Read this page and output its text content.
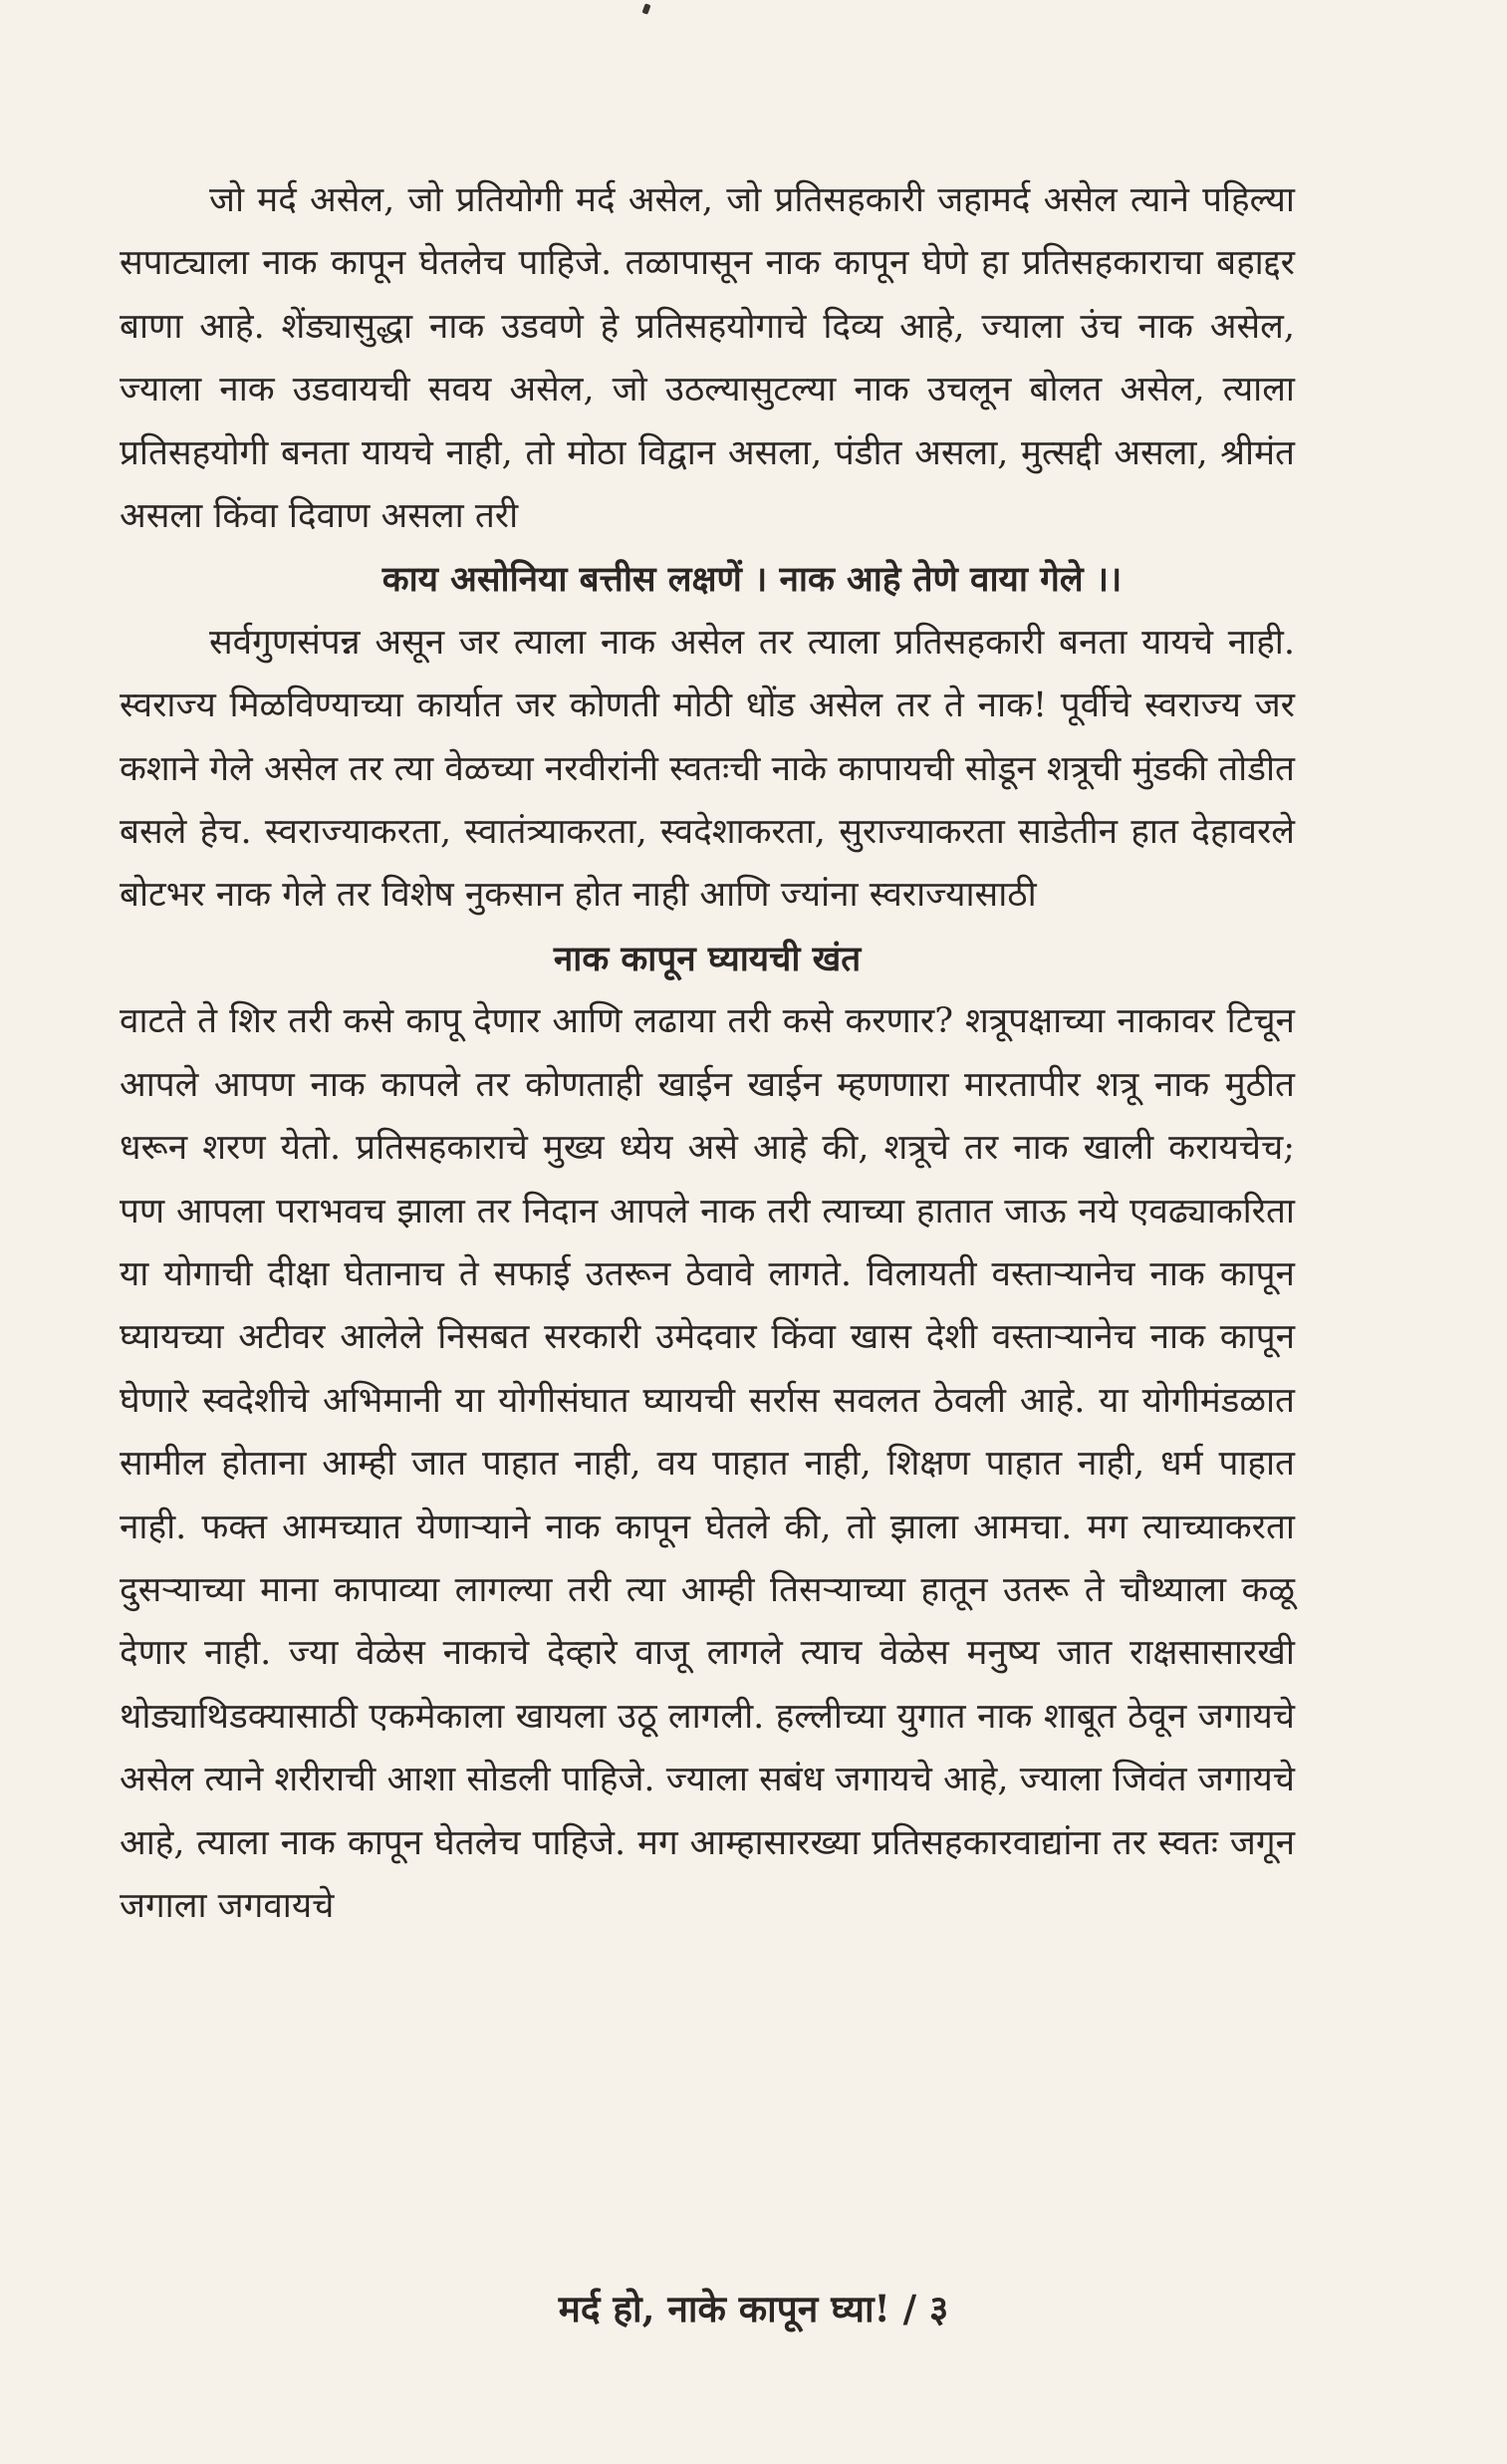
जो मर्द असेल, जो प्रतियोगी मर्द असेल, जो प्रतिसहकारी जहामर्द असेल त्याने पहिल्या सपाट्याला नाक कापून घेतलेच पाहिजे. तळापासून नाक कापून घेणे हा प्रतिसहकाराचा बहाद्दर बाणा आहे. शेंड्यासुद्धा नाक उडवणे हे प्रतिसहयोगाचे दिव्य आहे, ज्याला उंच नाक असेल, ज्याला नाक उडवायची सवय असेल, जो उठल्यासुटल्या नाक उचलून बोलत असेल, त्याला प्रतिसहयोगी बनता यायचे नाही, तो मोठा विद्वान असला, पंडीत असला, मुत्सद्दी असला, श्रीमंत असला किंवा दिवाण असला तरी

काय असोनिया बत्तीस लक्षणें । नाक आहे तेणे वाया गेले ।।

सर्वगुणसंपन्न असून जर त्याला नाक असेल तर त्याला प्रतिसहकारी बनता यायचे नाही. स्वराज्य मिळविण्याच्या कार्यात जर कोणती मोठी धोंड असेल तर ते नाक! पूर्वीचे स्वराज्य जर कशाने गेले असेल तर त्या वेळच्या नरवीरांनी स्वतःची नाके कापायची सोडून शत्रूची मुंडकी तोडीत बसले हेच. स्वराज्याकरता, स्वातंत्र्याकरता, स्वदेशाकरता, सुराज्याकरता साडेतीन हात देहावरले बोटभर नाक गेले तर विशेष नुकसान होत नाही आणि ज्यांना स्वराज्यासाठी

नाक कापून घ्यायची खंत

वाटते ते शिर तरी कसे कापू देणार आणि लढाया तरी कसे करणार? शत्रूपक्षाच्या नाकावर टिचून आपले आपण नाक कापले तर कोणताही खाईन खाईन म्हणणारा मारतापीर शत्रू नाक मुठीत धरून शरण येतो. प्रतिसहकाराचे मुख्य ध्येय असे आहे की, शत्रूचे तर नाक खाली करायचेच; पण आपला पराभवच झाला तर निदान आपले नाक तरी त्याच्या हातात जाऊ नये एवढ्याकरिता या योगाची दीक्षा घेतानाच ते सफाई उतरून ठेवावे लागते. विलायती वस्ताऱ्यानेच नाक कापून घ्यायच्या अटीवर आलेले निसबत सरकारी उमेदवार किंवा खास देशी वस्ताऱ्यानेच नाक कापून घेणारे स्वदेशीचे अभिमानी या योगीसंघात घ्यायची सर्रास सवलत ठेवली आहे. या योगीमंडळात सामील होताना आम्ही जात पाहात नाही, वय पाहात नाही, शिक्षण पाहात नाही, धर्म पाहात नाही. फक्त आमच्यात येणाऱ्याने नाक कापून घेतले की, तो झाला आमचा. मग त्याच्याकरता दुसऱ्याच्या माना कापाव्या लागल्या तरी त्या आम्ही तिसऱ्याच्या हातून उतरू ते चौथ्याला कळू देणार नाही. ज्या वेळेस नाकाचे देव्हारे वाजू लागले त्याच वेळेस मनुष्य जात राक्षसासारखी थोड्याथिडक्यासाठी एकमेकाला खायला उठू लागली. हल्लीच्या युगात नाक शाबूत ठेवून जगायचे असेल त्याने शरीराची आशा सोडली पाहिजे. ज्याला सबंध जगायचे आहे, ज्याला जिवंत जगायचे आहे, त्याला नाक कापून घेतलेच पाहिजे. मग आम्हासारख्या प्रतिसहकारवाद्यांना तर स्वतः जगून जगाला जगवायचे

मर्द हो, नाके कापून घ्या! / ३
